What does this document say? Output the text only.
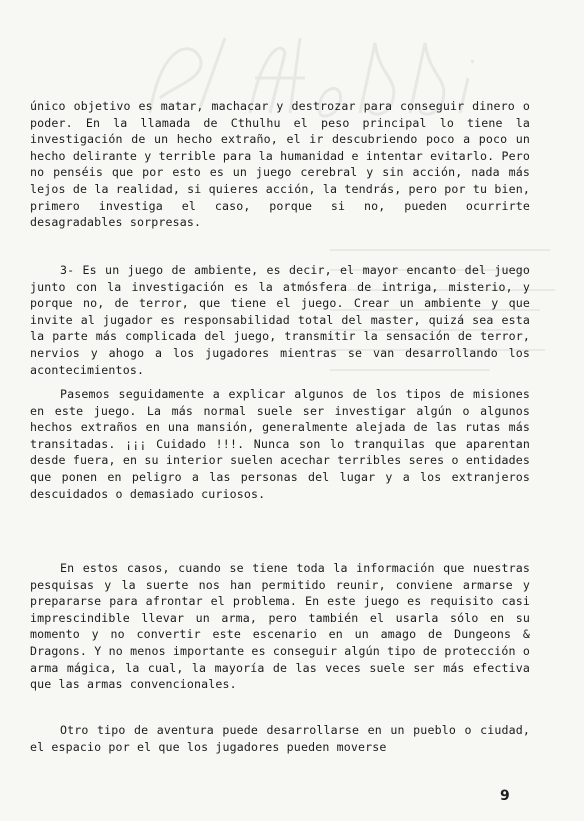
único objetivo es matar, machacar y destrozar para conseguir dinero o poder. En la llamada de Cthulhu el peso principal lo tiene la investigación de un hecho extraño, el ir descubriendo poco a poco un hecho delirante y terrible para la humanidad e intentar evitarlo. Pero no penséis que por esto es un juego cerebral y sin acción, nada más lejos de la realidad, si quieres acción, la tendrás, pero por tu bien, primero investiga el caso, porque si no, pueden ocurrirte desagradables sorpresas.

3- Es un juego de ambiente, es decir, el mayor encanto del juego junto con la investigación es la atmósfera de intriga, misterio, y porque no, de terror, que tiene el juego. Crear un ambiente y que invite al jugador es responsabilidad total del master, quizá sea esta la parte más complicada del juego, transmitir la sensación de terror, nervios y ahogo a los jugadores mientras se van desarrollando los acontecimientos.

Pasemos seguidamente a explicar algunos de los tipos de misiones en este juego. La más normal suele ser investigar algún o algunos hechos extraños en una mansión, generalmente alejada de las rutas más transitadas. ¡¡¡ Cuidado !!!. Nunca son lo tranquilas que aparentan desde fuera, en su interior suelen acechar terribles seres o entidades que ponen en peligro a las personas del lugar y a los extranjeros descuidados o demasiado curiosos.

En estos casos, cuando se tiene toda la información que nuestras pesquisas y la suerte nos han permitido reunir, conviene armarse y prepararse para afrontar el problema. En este juego es requisito casi imprescindible llevar un arma, pero también el usarla sólo en su momento y no convertir este escenario en un amago de Dungeons & Dragons. Y no menos importante es conseguir algún tipo de protección o arma mágica, la cual, la mayoría de las veces suele ser más efectiva que las armas convencionales.

Otro tipo de aventura puede desarrollarse en un pueblo o ciudad, el espacio por el que los jugadores pueden moverse

9
